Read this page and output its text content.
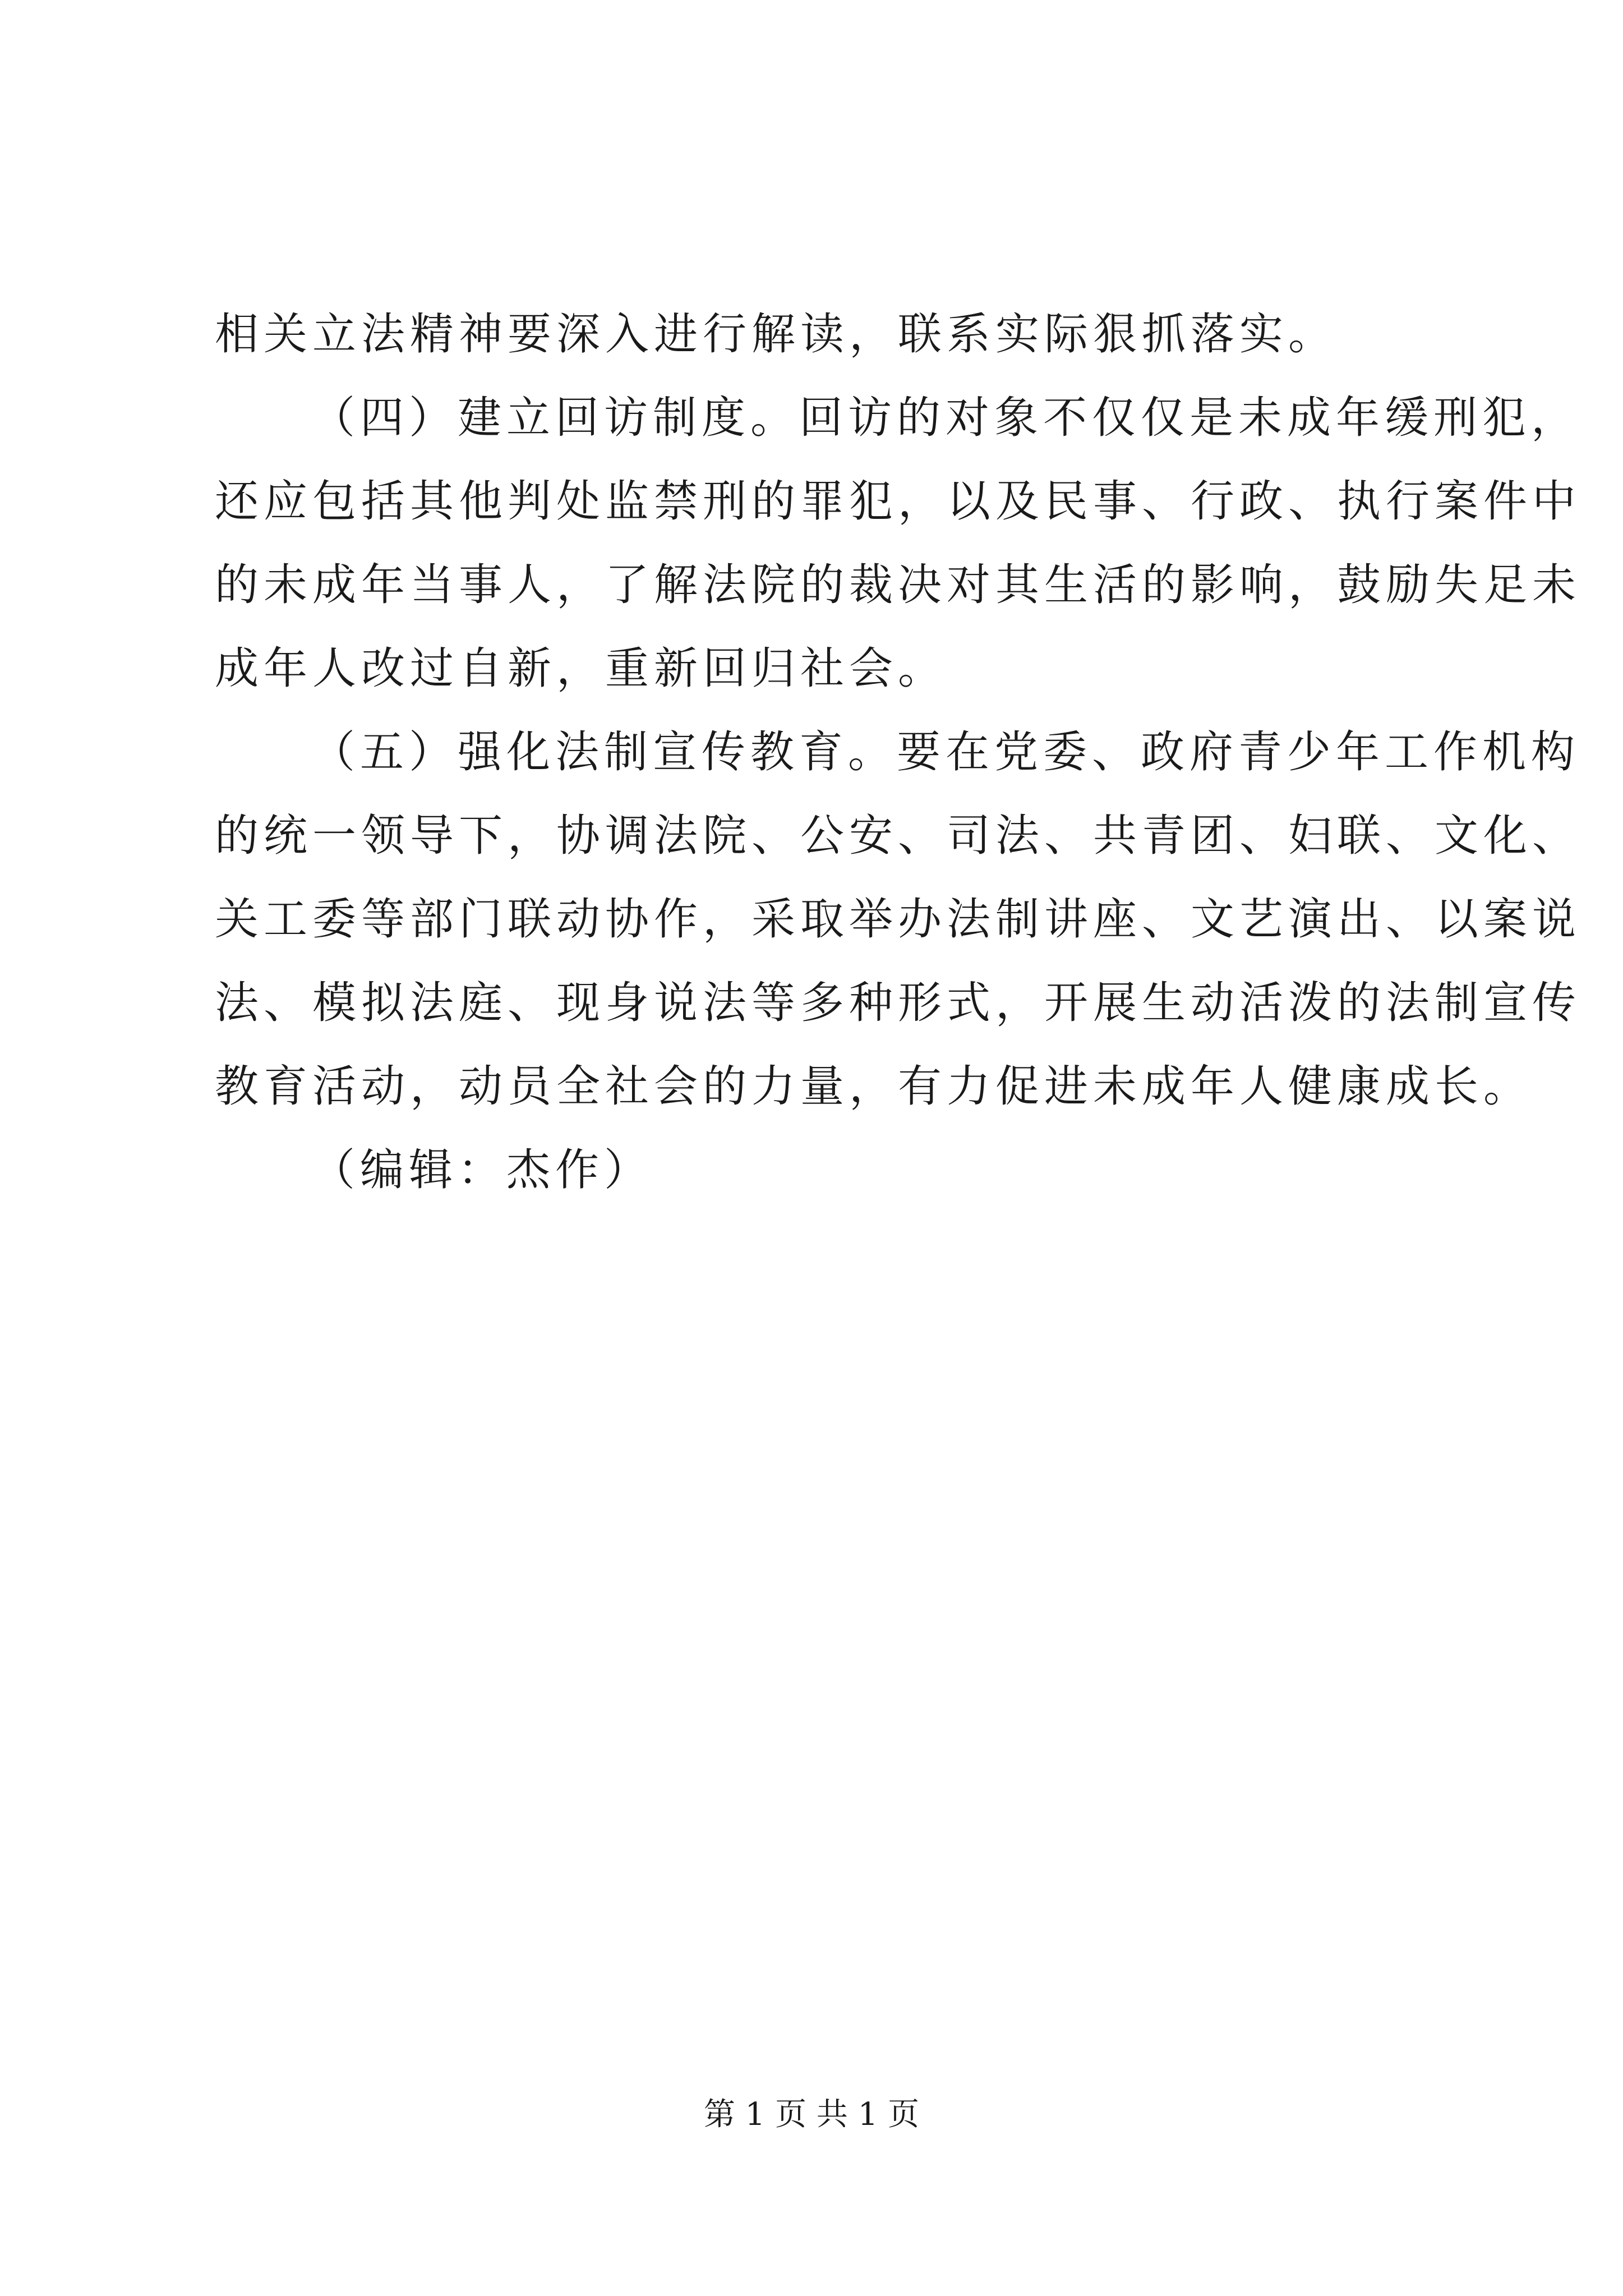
相关立法精神要深入进行解读，联系实际狠抓落实。
（四）建立回访制度。回访的对象不仅仅是未成年缓刑犯，
还应包括其他判处监禁刑的罪犯，以及民事、行政、执行案件中
的未成年当事人，了解法院的裁决对其生活的影响，鼓励失足未
成年人改过自新，重新回归社会。
（五）强化法制宣传教育。要在党委、政府青少年工作机构
的统一领导下，协调法院、公安、司法、共青团、妇联、文化、
关工委等部门联动协作，采取举办法制讲座、文艺演出、以案说
法、模拟法庭、现身说法等多种形式，开展生动活泼的法制宣传
教育活动，动员全社会的力量，有力促进未成年人健康成长。
（编辑：杰作）
第 1 页 共 1 页
